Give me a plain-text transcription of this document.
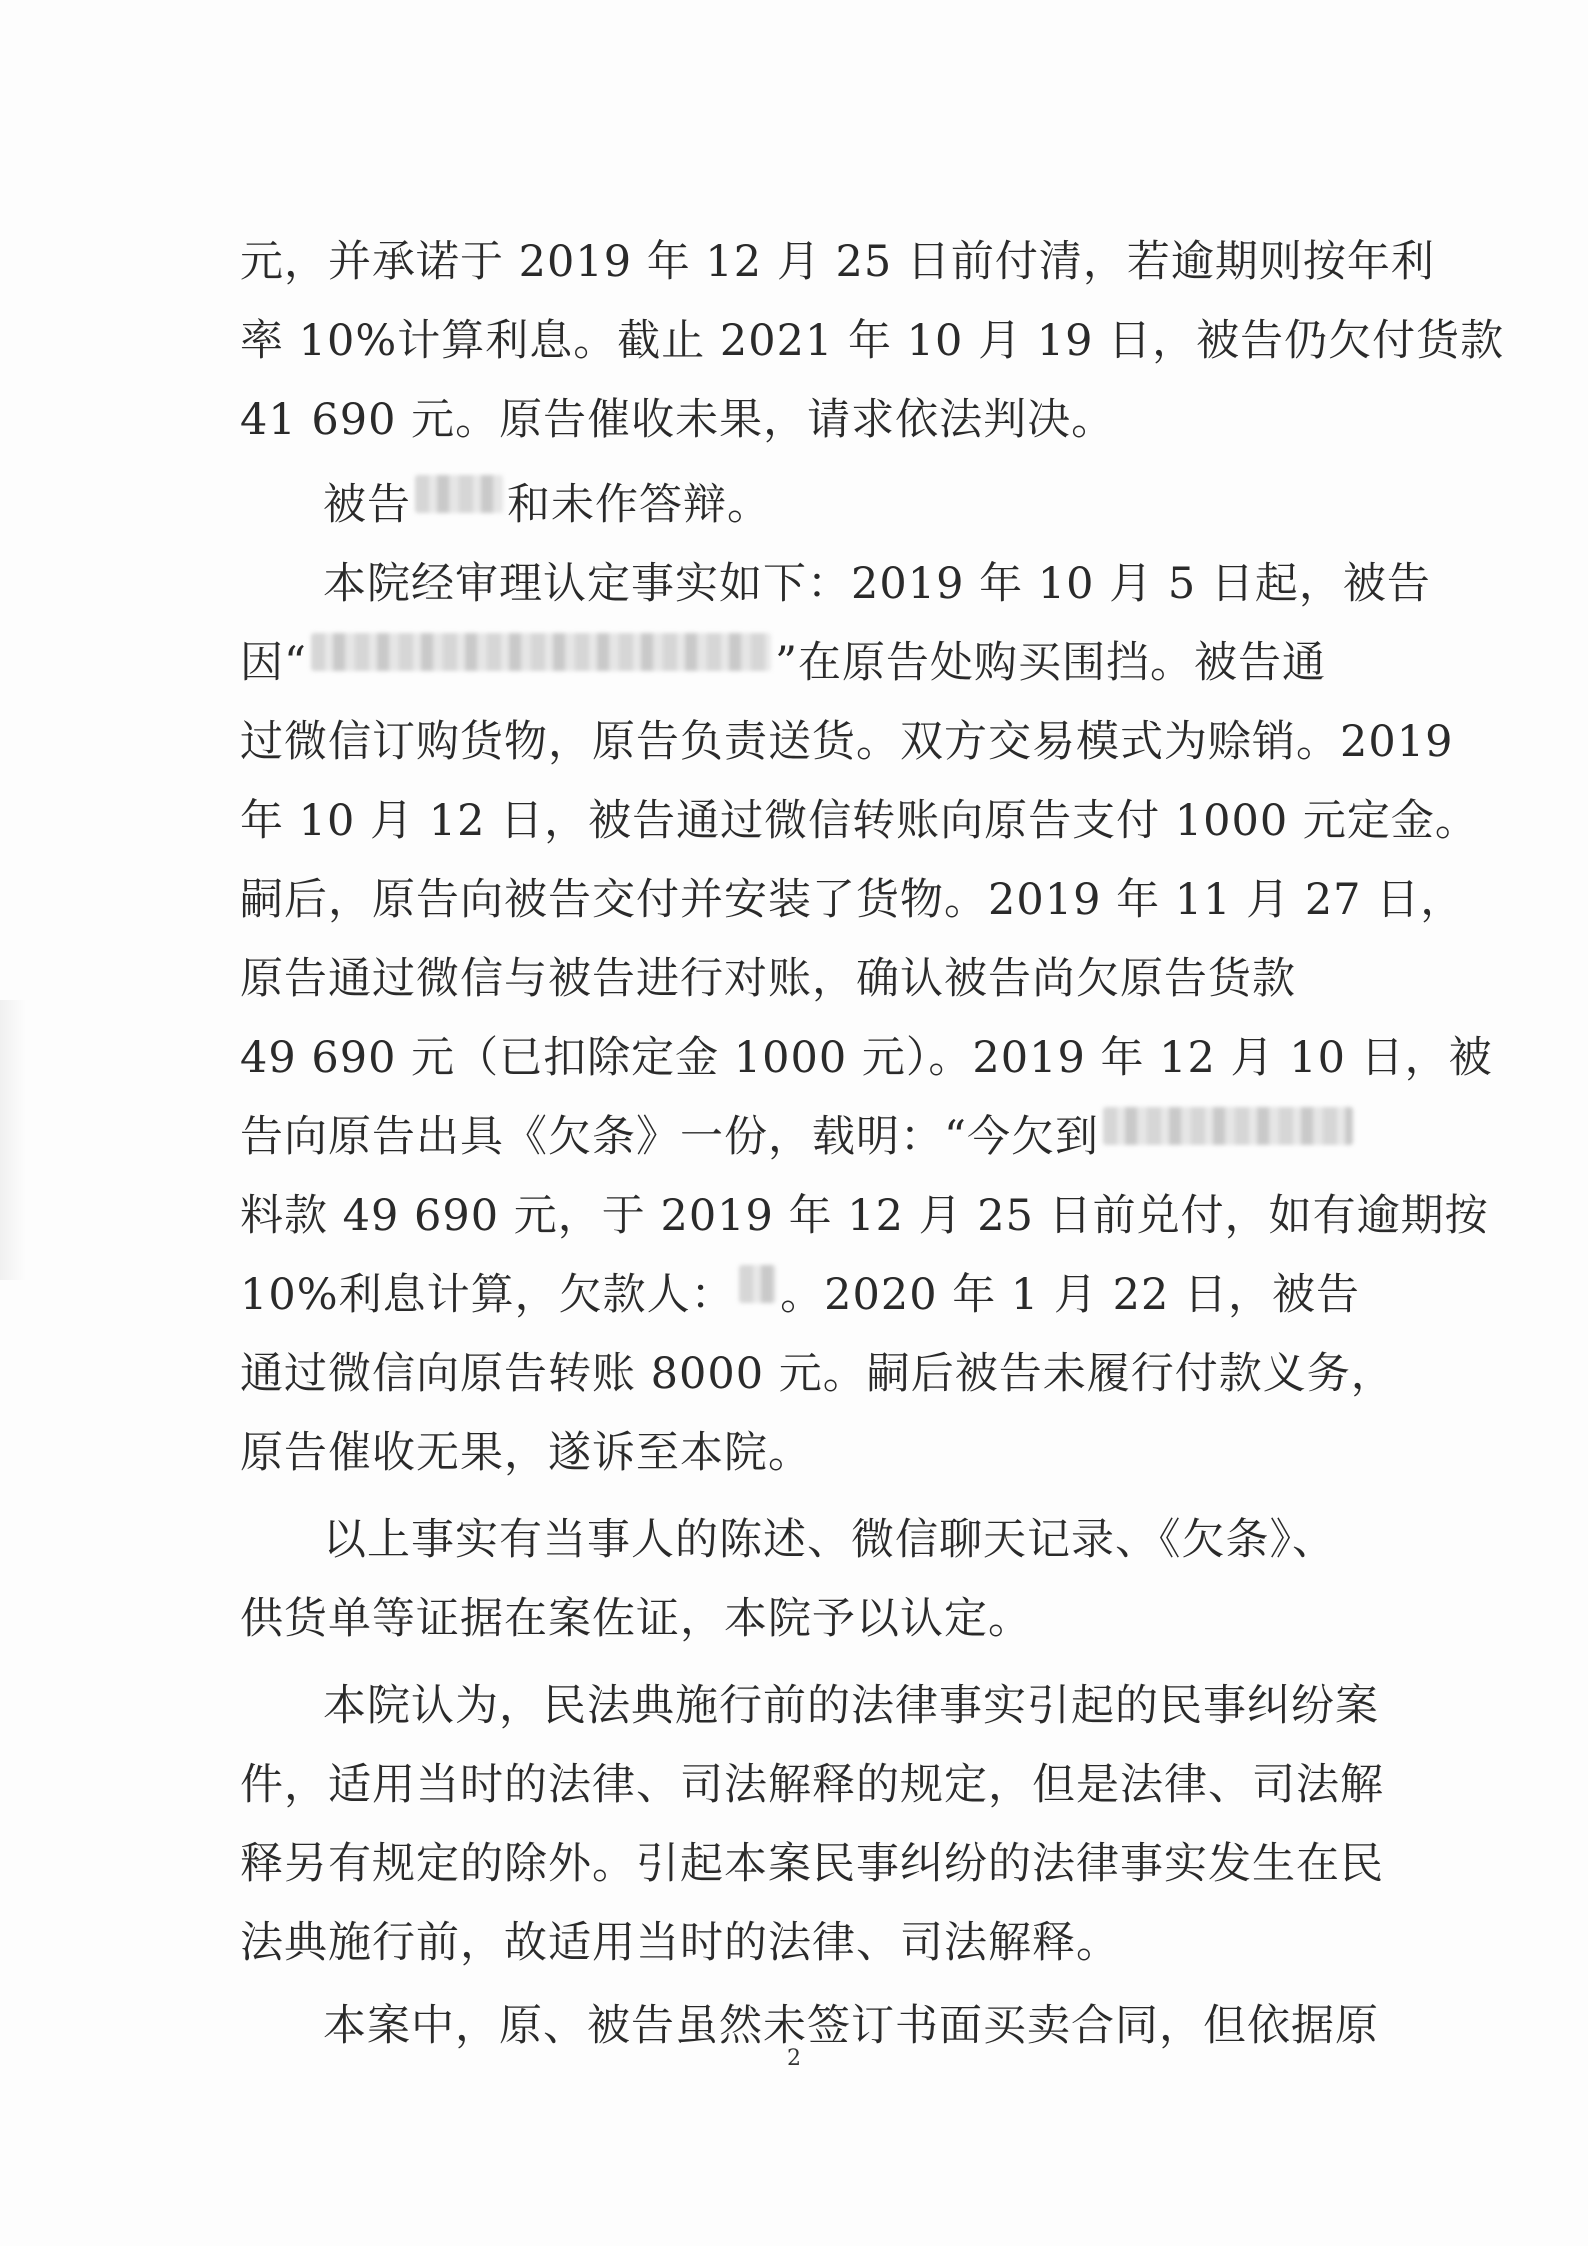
元，并承诺于 2019 年 12 月 25 日前付清，若逾期则按年利
率 10%计算利息。截止 2021 年 10 月 19 日，被告仍欠付货款
41 690 元。原告催收未果，请求依法判决。
被告 和未作答辩。
本院经审理认定事实如下：2019 年 10 月 5 日起，被告
因“	”在原告处购买围挡。被告通
过微信订购货物，原告负责送货。双方交易模式为赊销。2019
年 10 月 12 日，被告通过微信转账向原告支付 1000 元定金。
嗣后，原告向被告交付并安装了货物。2019 年 11 月 27 日，
原告通过微信与被告进行对账，确认被告尚欠原告货款
49 690 元（已扣除定金 1000 元）。2019 年 12 月 10 日，被
告向原告出具《欠条》一份，载明：“今欠到
料款 49 690 元，于 2019 年 12 月 25 日前兑付，如有逾期按
10%利息计算，欠款人： 。2020 年 1 月 22 日，被告
通过微信向原告转账 8000 元。嗣后被告未履行付款义务，
原告催收无果，遂诉至本院。
以上事实有当事人的陈述、微信聊天记录、《欠条》、
供货单等证据在案佐证，本院予以认定。
本院认为，民法典施行前的法律事实引起的民事纠纷案
件，适用当时的法律、司法解释的规定，但是法律、司法解
释另有规定的除外。引起本案民事纠纷的法律事实发生在民
法典施行前，故适用当时的法律、司法解释。
本案中，原、被告虽然未签订书面买卖合同，但依据原
2
